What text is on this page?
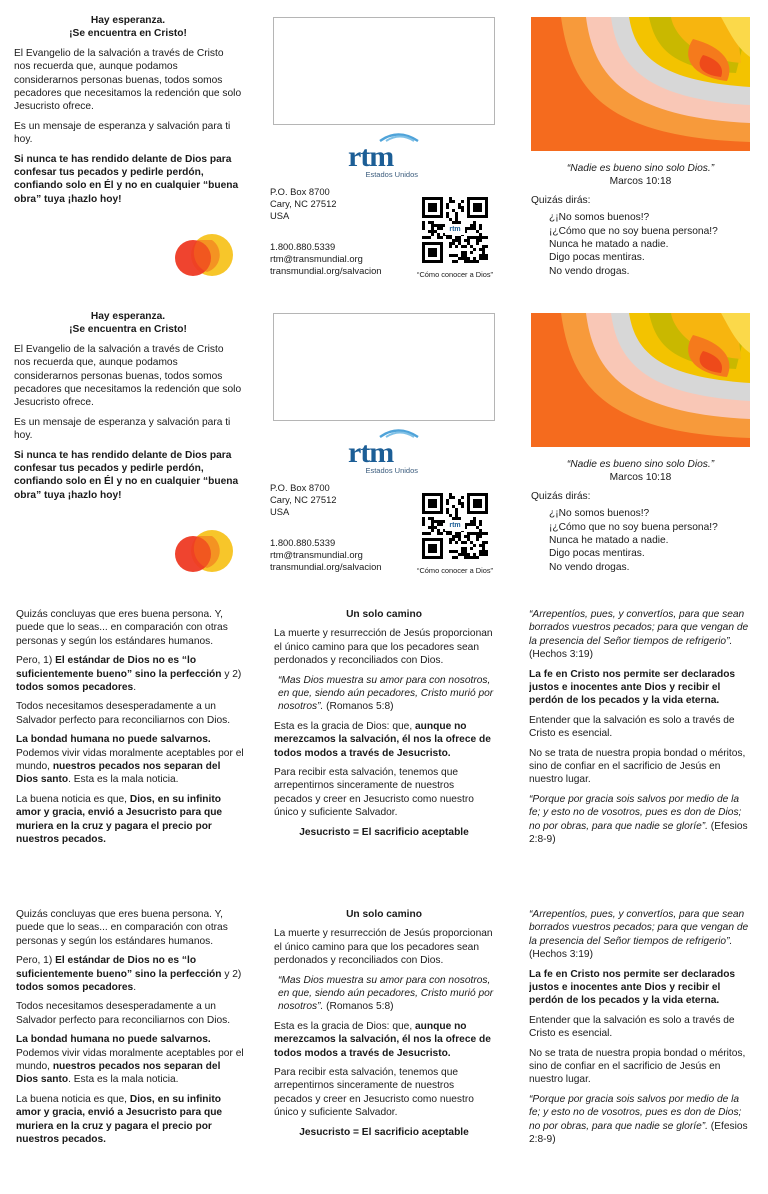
Hay esperanza.
¡Se encuentra en Cristo!

El Evangelio de la salvación a través de Cristo nos recuerda que, aunque podamos considerarnos personas buenas, todos somos pecadores que necesitamos la redención que solo Jesucristo ofrece.

Es un mensaje de esperanza y salvación para ti hoy.

Si nunca te has rendido delante de Dios para confesar tus pecados y pedirle perdón, confiando solo en Él y no en cualquier “buena obra” tuya ¡hazlo hoy!

rtm
Estados Unidos
P.O. Box 8700
Cary, NC 27512
USA
1.800.880.5339
rtm@transmundial.org
transmundial.org/salvacion
rtm
“Cómo conocer a Dios”
“Nadie es bueno sino solo Dios.”
Marcos 10:18
Quizás dirás:
¿¡No somos buenos!?
¡¿Cómo que no soy buena persona!?
Nunca he matado a nadie.
Digo pocas mentiras.
No vendo drogas.

Hay esperanza.
¡Se encuentra en Cristo!

El Evangelio de la salvación a través de Cristo nos recuerda que, aunque podamos considerarnos personas buenas, todos somos pecadores que necesitamos la redención que solo Jesucristo ofrece.

Es un mensaje de esperanza y salvación para ti hoy.

Si nunca te has rendido delante de Dios para confesar tus pecados y pedirle perdón, confiando solo en Él y no en cualquier “buena obra” tuya ¡hazlo hoy!

rtm
Estados Unidos
P.O. Box 8700
Cary, NC 27512
USA
1.800.880.5339
rtm@transmundial.org
transmundial.org/salvacion
rtm
“Cómo conocer a Dios”
“Nadie es bueno sino solo Dios.”
Marcos 10:18
Quizás dirás:
¿¡No somos buenos!?
¡¿Cómo que no soy buena persona!?
Nunca he matado a nadie.
Digo pocas mentiras.
No vendo drogas.

Quizás concluyas que eres buena persona. Y, puede que lo seas... en comparación con otras personas y según los estándares humanos.

Pero, 1) El estándar de Dios no es “lo suficientemente bueno” sino la perfección y 2) todos somos pecadores.

Todos necesitamos desesperadamente a un Salvador perfecto para reconciliarnos con Dios.

La bondad humana no puede salvarnos. Podemos vivir vidas moralmente aceptables por el mundo, nuestros pecados nos separan del Dios santo. Esta es la mala noticia.

La buena noticia es que, Dios, en su infinito amor y gracia, envió a Jesucristo para que muriera en la cruz y pagara el precio por nuestros pecados.

Un solo camino

La muerte y resurrección de Jesús proporcionan el único camino para que los pecadores sean perdonados y reconciliados con Dios.

“Mas Dios muestra su amor para con nosotros, en que, siendo aún pecadores, Cristo murió por nosotros”. (Romanos 5:8)

Esta es la gracia de Dios: que, aunque no merezcamos la salvación, él nos la ofrece de todos modos a través de Jesucristo.

Para recibir esta salvación, tenemos que arrepentirnos sinceramente de nuestros pecados y creer en Jesucristo como nuestro único y suficiente Salvador.

Jesucristo = El sacrificio aceptable

“Arrepentíos, pues, y convertíos, para que sean borrados vuestros pecados; para que vengan de la presencia del Señor tiempos de refrigerio”. (Hechos 3:19)

La fe en Cristo nos permite ser declarados justos e inocentes ante Dios y recibir el perdón de los pecados y la vida eterna.

Entender que la salvación es solo a través de Cristo es esencial.

No se trata de nuestra propia bondad o méritos, sino de confiar en el sacrificio de Jesús en nuestro lugar.

“Porque por gracia sois salvos por medio de la fe; y esto no de vosotros, pues es don de Dios; no por obras, para que nadie se gloríe”. (Efesios 2:8-9)

Quizás concluyas que eres buena persona. Y, puede que lo seas... en comparación con otras personas y según los estándares humanos.

Pero, 1) El estándar de Dios no es “lo suficientemente bueno” sino la perfección y 2) todos somos pecadores.

Todos necesitamos desesperadamente a un Salvador perfecto para reconciliarnos con Dios.

La bondad humana no puede salvarnos. Podemos vivir vidas moralmente aceptables por el mundo, nuestros pecados nos separan del Dios santo. Esta es la mala noticia.

La buena noticia es que, Dios, en su infinito amor y gracia, envió a Jesucristo para que muriera en la cruz y pagara el precio por nuestros pecados.

Un solo camino

La muerte y resurrección de Jesús proporcionan el único camino para que los pecadores sean perdonados y reconciliados con Dios.

“Mas Dios muestra su amor para con nosotros, en que, siendo aún pecadores, Cristo murió por nosotros”. (Romanos 5:8)

Esta es la gracia de Dios: que, aunque no merezcamos la salvación, él nos la ofrece de todos modos a través de Jesucristo.

Para recibir esta salvación, tenemos que arrepentirnos sinceramente de nuestros pecados y creer en Jesucristo como nuestro único y suficiente Salvador.

Jesucristo = El sacrificio aceptable

“Arrepentíos, pues, y convertíos, para que sean borrados vuestros pecados; para que vengan de la presencia del Señor tiempos de refrigerio”. (Hechos 3:19)

La fe en Cristo nos permite ser declarados justos e inocentes ante Dios y recibir el perdón de los pecados y la vida eterna.

Entender que la salvación es solo a través de Cristo es esencial.

No se trata de nuestra propia bondad o méritos, sino de confiar en el sacrificio de Jesús en nuestro lugar.

“Porque por gracia sois salvos por medio de la fe; y esto no de vosotros, pues es don de Dios; no por obras, para que nadie se gloríe”. (Efesios 2:8-9)
